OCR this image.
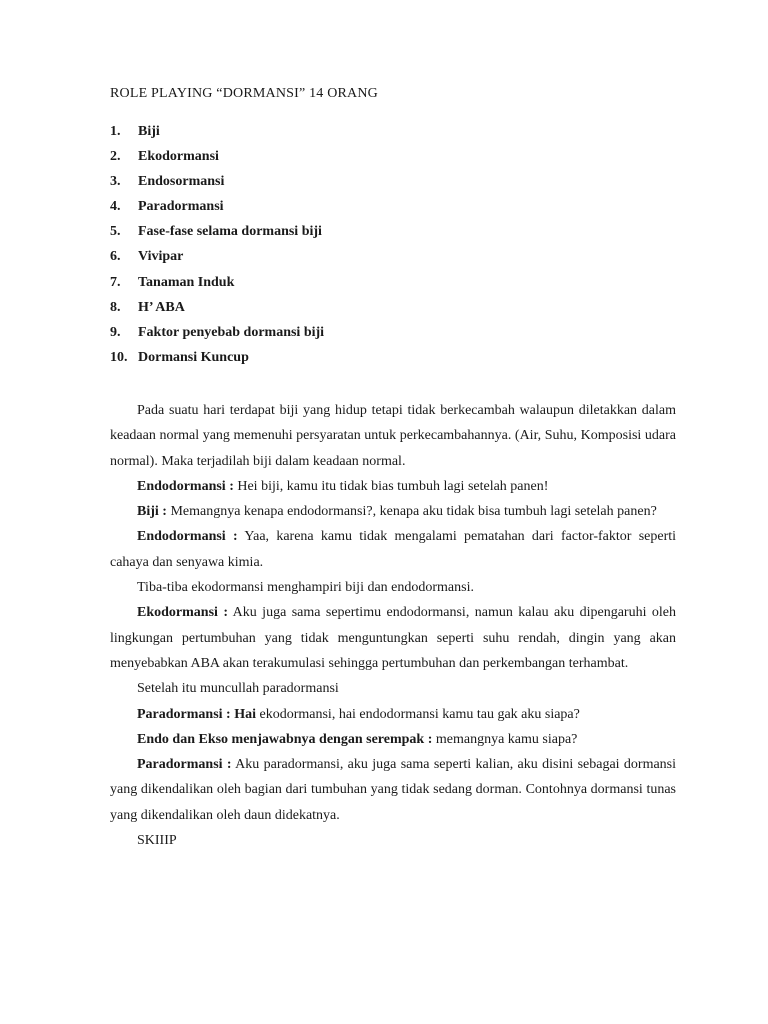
ROLE PLAYING “DORMANSI” 14 ORANG
1.	Biji
2.	Ekodormansi
3.	Endosormansi
4.	Paradormansi
5.	Fase-fase selama dormansi biji
6.	Vivipar
7.	Tanaman Induk
8.	H’ ABA
9.	Faktor penyebab dormansi biji
10. Dormansi Kuncup

Pada suatu hari terdapat biji yang hidup tetapi tidak berkecambah walaupun diletakkan dalam keadaan normal yang memenuhi persyaratan untuk perkecambahannya. (Air, Suhu, Komposisi udara normal). Maka terjadilah biji dalam keadaan normal.

Endodormansi : Hei biji, kamu itu tidak bias tumbuh lagi setelah panen!

Biji : Memangnya kenapa endodormansi?, kenapa aku tidak bisa tumbuh lagi setelah panen?

Endodormansi : Yaa, karena kamu tidak mengalami pematahan dari factor-faktor seperti cahaya dan senyawa kimia.

Tiba-tiba ekodormansi menghampiri biji dan endodormansi.

Ekodormansi : Aku juga sama sepertimu endodormansi, namun kalau aku dipengaruhi oleh lingkungan pertumbuhan yang tidak menguntungkan seperti suhu rendah, dingin yang akan menyebabkan ABA akan terakumulasi sehingga pertumbuhan dan perkembangan terhambat.

Setelah itu muncullah paradormansi

Paradormansi : Hai ekodormansi, hai endodormansi kamu tau gak aku siapa?

Endo dan Ekso menjawabnya dengan serempak : memangnya kamu siapa?

Paradormansi : Aku paradormansi, aku juga sama seperti kalian, aku disini sebagai dormansi yang dikendalikan oleh bagian dari tumbuhan yang tidak sedang dorman. Contohnya dormansi tunas yang dikendalikan oleh daun didekatnya.

SKIIIP
